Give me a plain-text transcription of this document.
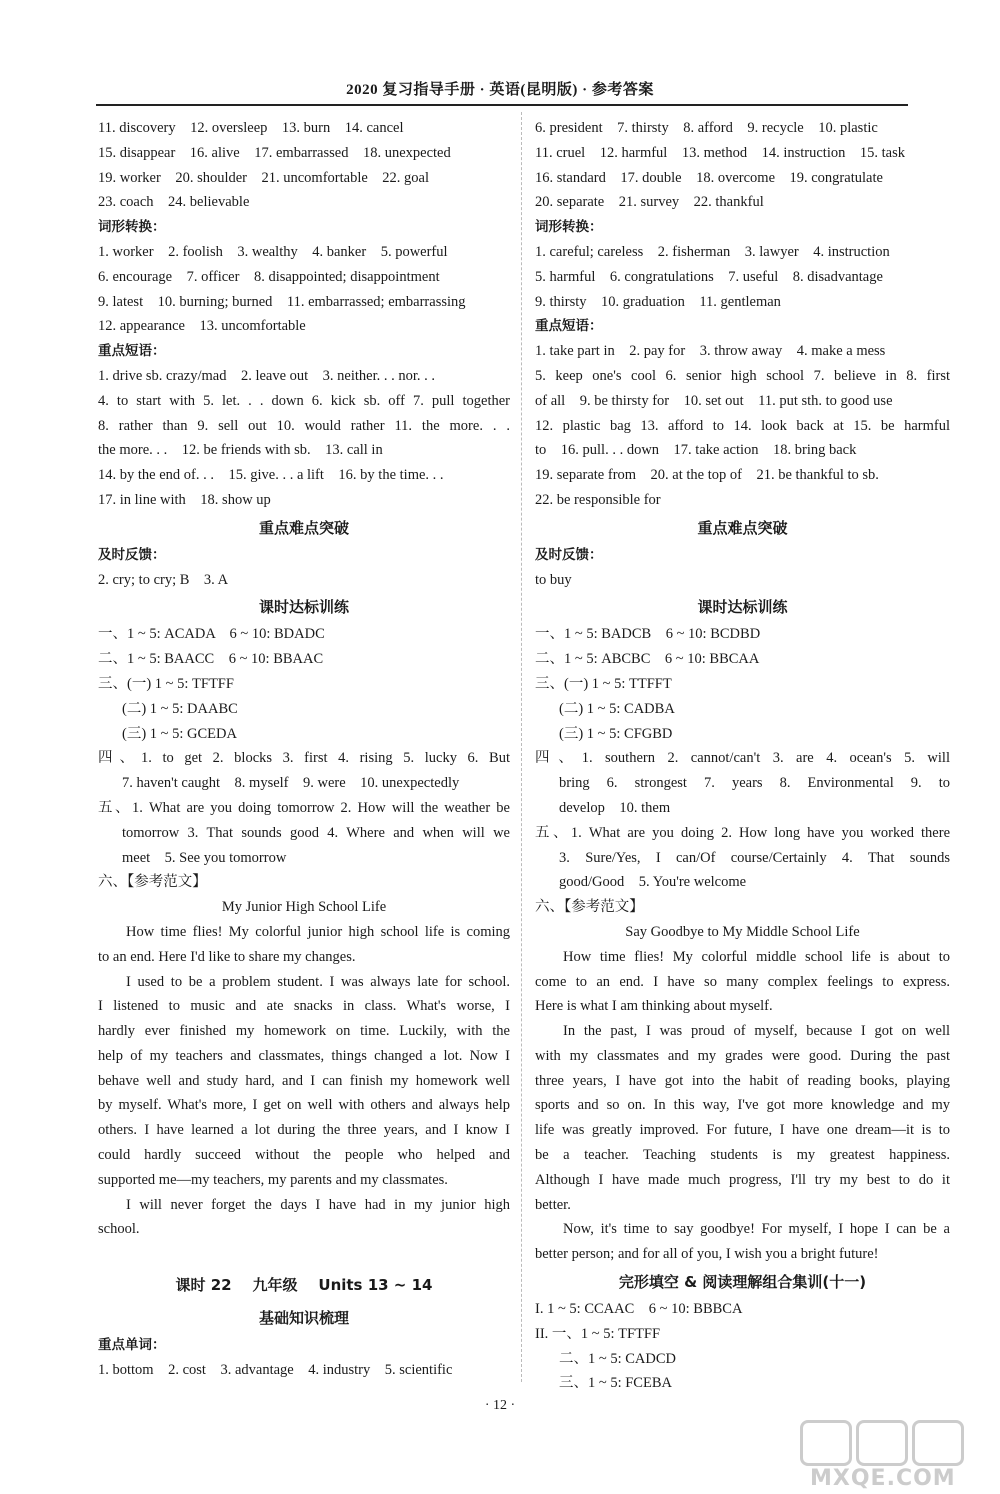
2020 复习指导手册 · 英语(昆明版) · 参考答案
11. discovery    12. oversleep    13. burn    14. cancel
15. disappear    16. alive    17. embarrassed    18. unexpected
19. worker    20. shoulder    21. uncomfortable    22. goal
23. coach    24. believable
词形转换：
1. worker    2. foolish    3. wealthy    4. banker    5. powerful
6. encourage    7. officer    8. disappointed; disappointment
9. latest    10. burning; burned    11. embarrassed; embarrassing
12. appearance    13. uncomfortable
重点短语：
1. drive sb. crazy/mad    2. leave out    3. neither. . . nor. . .
4. to start with 5. let. . . down 6. kick sb. off 7. pull together
8. rather than 9. sell out 10. would rather 11. the more. . .
the more. . .    12. be friends with sb.    13. call in
14. by the end of. . .    15. give. . . a lift    16. by the time. . .
17. in line with    18. show up
重点难点突破
及时反馈：
2. cry; to cry; B    3. A
课时达标训练
一、1 ~ 5: ACADA    6 ~ 10: BDADC
二、1 ~ 5: BAACC    6 ~ 10: BBAAC
三、(一) 1 ~ 5: TFTFF
(二) 1 ~ 5: DAABC
(三) 1 ~ 5: GCEDA
四、1. to get 2. blocks 3. first 4. rising 5. lucky 6. But
7. haven't caught    8. myself    9. were    10. unexpectedly
五、1. What are you doing tomorrow 2. How will the weather be
tomorrow 3. That sounds good 4. Where and when will we
meet    5. See you tomorrow
六、【参考范文】
My Junior High School Life
How time flies! My colorful junior high school life is coming
to an end. Here I'd like to share my changes.
I used to be a problem student. I was always late for school.
I listened to music and ate snacks in class. What's worse, I
hardly ever finished my homework on time. Luckily, with the
help of my teachers and classmates, things changed a lot. Now I
behave well and study hard, and I can finish my homework well
by myself. What's more, I get on well with others and always help
others. I have learned a lot during the three years, and I know I
could hardly succeed without the people who helped and
supported me—my teachers, my parents and my classmates.
I will never forget the days I have had in my junior high
school.
课时 22    九年级    Units 13 ~ 14
基础知识梳理
重点单词：
1. bottom    2. cost    3. advantage    4. industry    5. scientific
6. president    7. thirsty    8. afford    9. recycle    10. plastic
11. cruel    12. harmful    13. method    14. instruction    15. task
16. standard    17. double    18. overcome    19. congratulate
20. separate    21. survey    22. thankful
词形转换：
1. careful; careless    2. fisherman    3. lawyer    4. instruction
5. harmful    6. congratulations    7. useful    8. disadvantage
9. thirsty    10. graduation    11. gentleman
重点短语：
1. take part in    2. pay for    3. throw away    4. make a mess
5. keep one's cool 6. senior high school 7. believe in 8. first
of all    9. be thirsty for    10. set out    11. put sth. to good use
12. plastic bag 13. afford to 14. look back at 15. be harmful
to    16. pull. . . down    17. take action    18. bring back
19. separate from    20. at the top of    21. be thankful to sb.
22. be responsible for
重点难点突破
及时反馈：
to buy
课时达标训练
一、1 ~ 5: BADCB    6 ~ 10: BCDBD
二、1 ~ 5: ABCBC    6 ~ 10: BBCAA
三、(一) 1 ~ 5: TTFFT
(二) 1 ~ 5: CADBA
(三) 1 ~ 5: CFGBD
四、1. southern 2. cannot/can't 3. are 4. ocean's 5. will
bring 6. strongest 7. years 8. Environmental 9. to
develop    10. them
五、1. What are you doing 2. How long have you worked there
3. Sure/Yes, I can/Of course/Certainly 4. That sounds
good/Good    5. You're welcome
六、【参考范文】
Say Goodbye to My Middle School Life
How time flies! My colorful middle school life is about to
come to an end. I have so many complex feelings to express.
Here is what I am thinking about myself.
In the past, I was proud of myself, because I got on well
with my classmates and my grades were good. During the past
three years, I have got into the habit of reading books, playing
sports and so on. In this way, I've got more knowledge and my
life was greatly improved. For future, I have one dream—it is to
be a teacher. Teaching students is my greatest happiness.
Although I have made much progress, I'll try my best to do it
better.
Now, it's time to say goodbye! For myself, I hope I can be a
better person; and for all of you, I wish you a bright future!
完形填空 & 阅读理解组合集训(十一)
I. 1 ~ 5: CCAAC    6 ~ 10: BBBCA
II. 一、1 ~ 5: TFTFF
二、1 ~ 5: CADCD
三、1 ~ 5: FCEBA
· 12 ·
MXQE.COM
